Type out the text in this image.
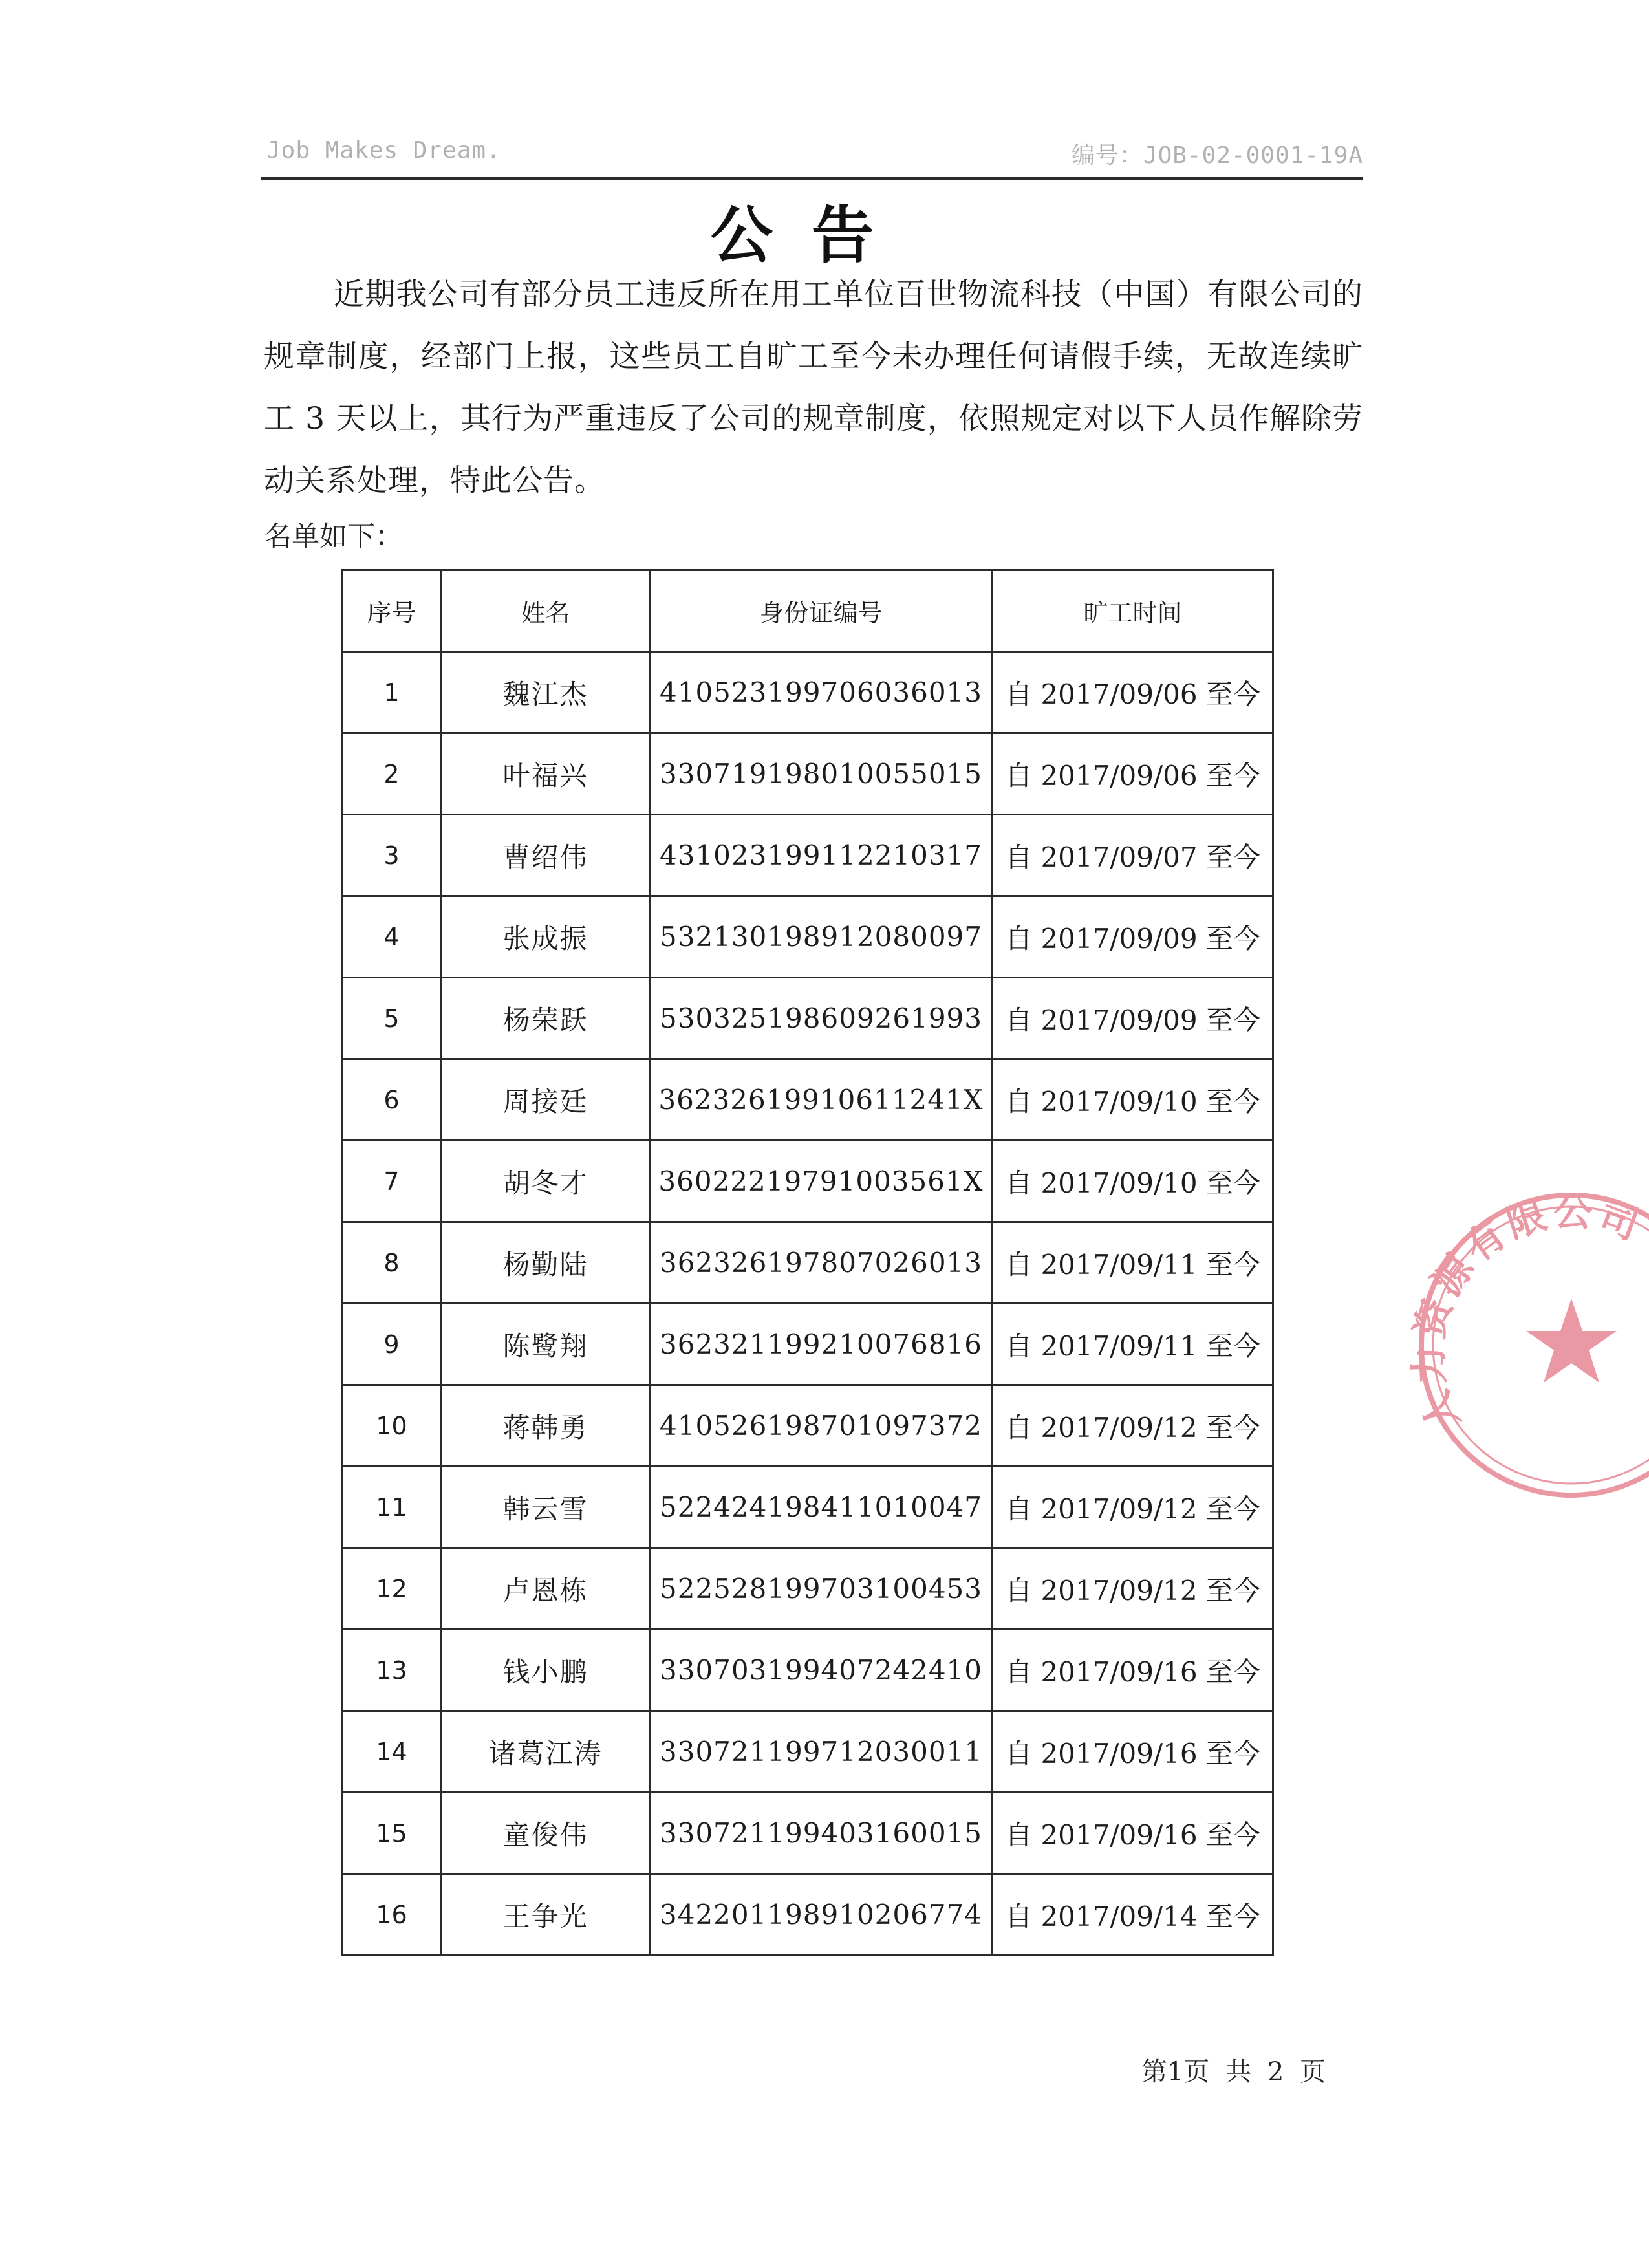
Job Makes Dream.	编号：JOB-02-0001-19A
公告
近期我公司有部分员工违反所在用工单位百世物流科技（中国）有限公司的规章制度，经部门上报，这些员工自旷工至今未办理任何请假手续，无故连续旷工 3 天以上，其行为严重违反了公司的规章制度，依照规定对以下人员作解除劳动关系处理，特此公告。
名单如下：
序号	姓名	身份证编号	旷工时间
1	魏江杰	410523199706036013	自 2017/09/06 至今
2	叶福兴	330719198010055015	自 2017/09/06 至今
3	曹绍伟	431023199112210317	自 2017/09/07 至今
4	张成振	532130198912080097	自 2017/09/09 至今
5	杨荣跃	530325198609261993	自 2017/09/09 至今
6	周接廷	36232619910611241X	自 2017/09/10 至今
7	胡冬才	36022219791003561X	自 2017/09/10 至今
8	杨勤陆	362326197807026013	自 2017/09/11 至今
9	陈鹭翔	362321199210076816	自 2017/09/11 至今
10	蒋韩勇	410526198701097372	自 2017/09/12 至今
11	韩云雪	522424198411010047	自 2017/09/12 至今
12	卢恩栋	522528199703100453	自 2017/09/12 至今
13	钱小鹏	330703199407242410	自 2017/09/16 至今
14	诸葛江涛	330721199712030011	自 2017/09/16 至今
15	童俊伟	330721199403160015	自 2017/09/16 至今
16	王争光	342201198910206774	自 2017/09/14 至今
第1页 共 2 页
人力资源有限公司
